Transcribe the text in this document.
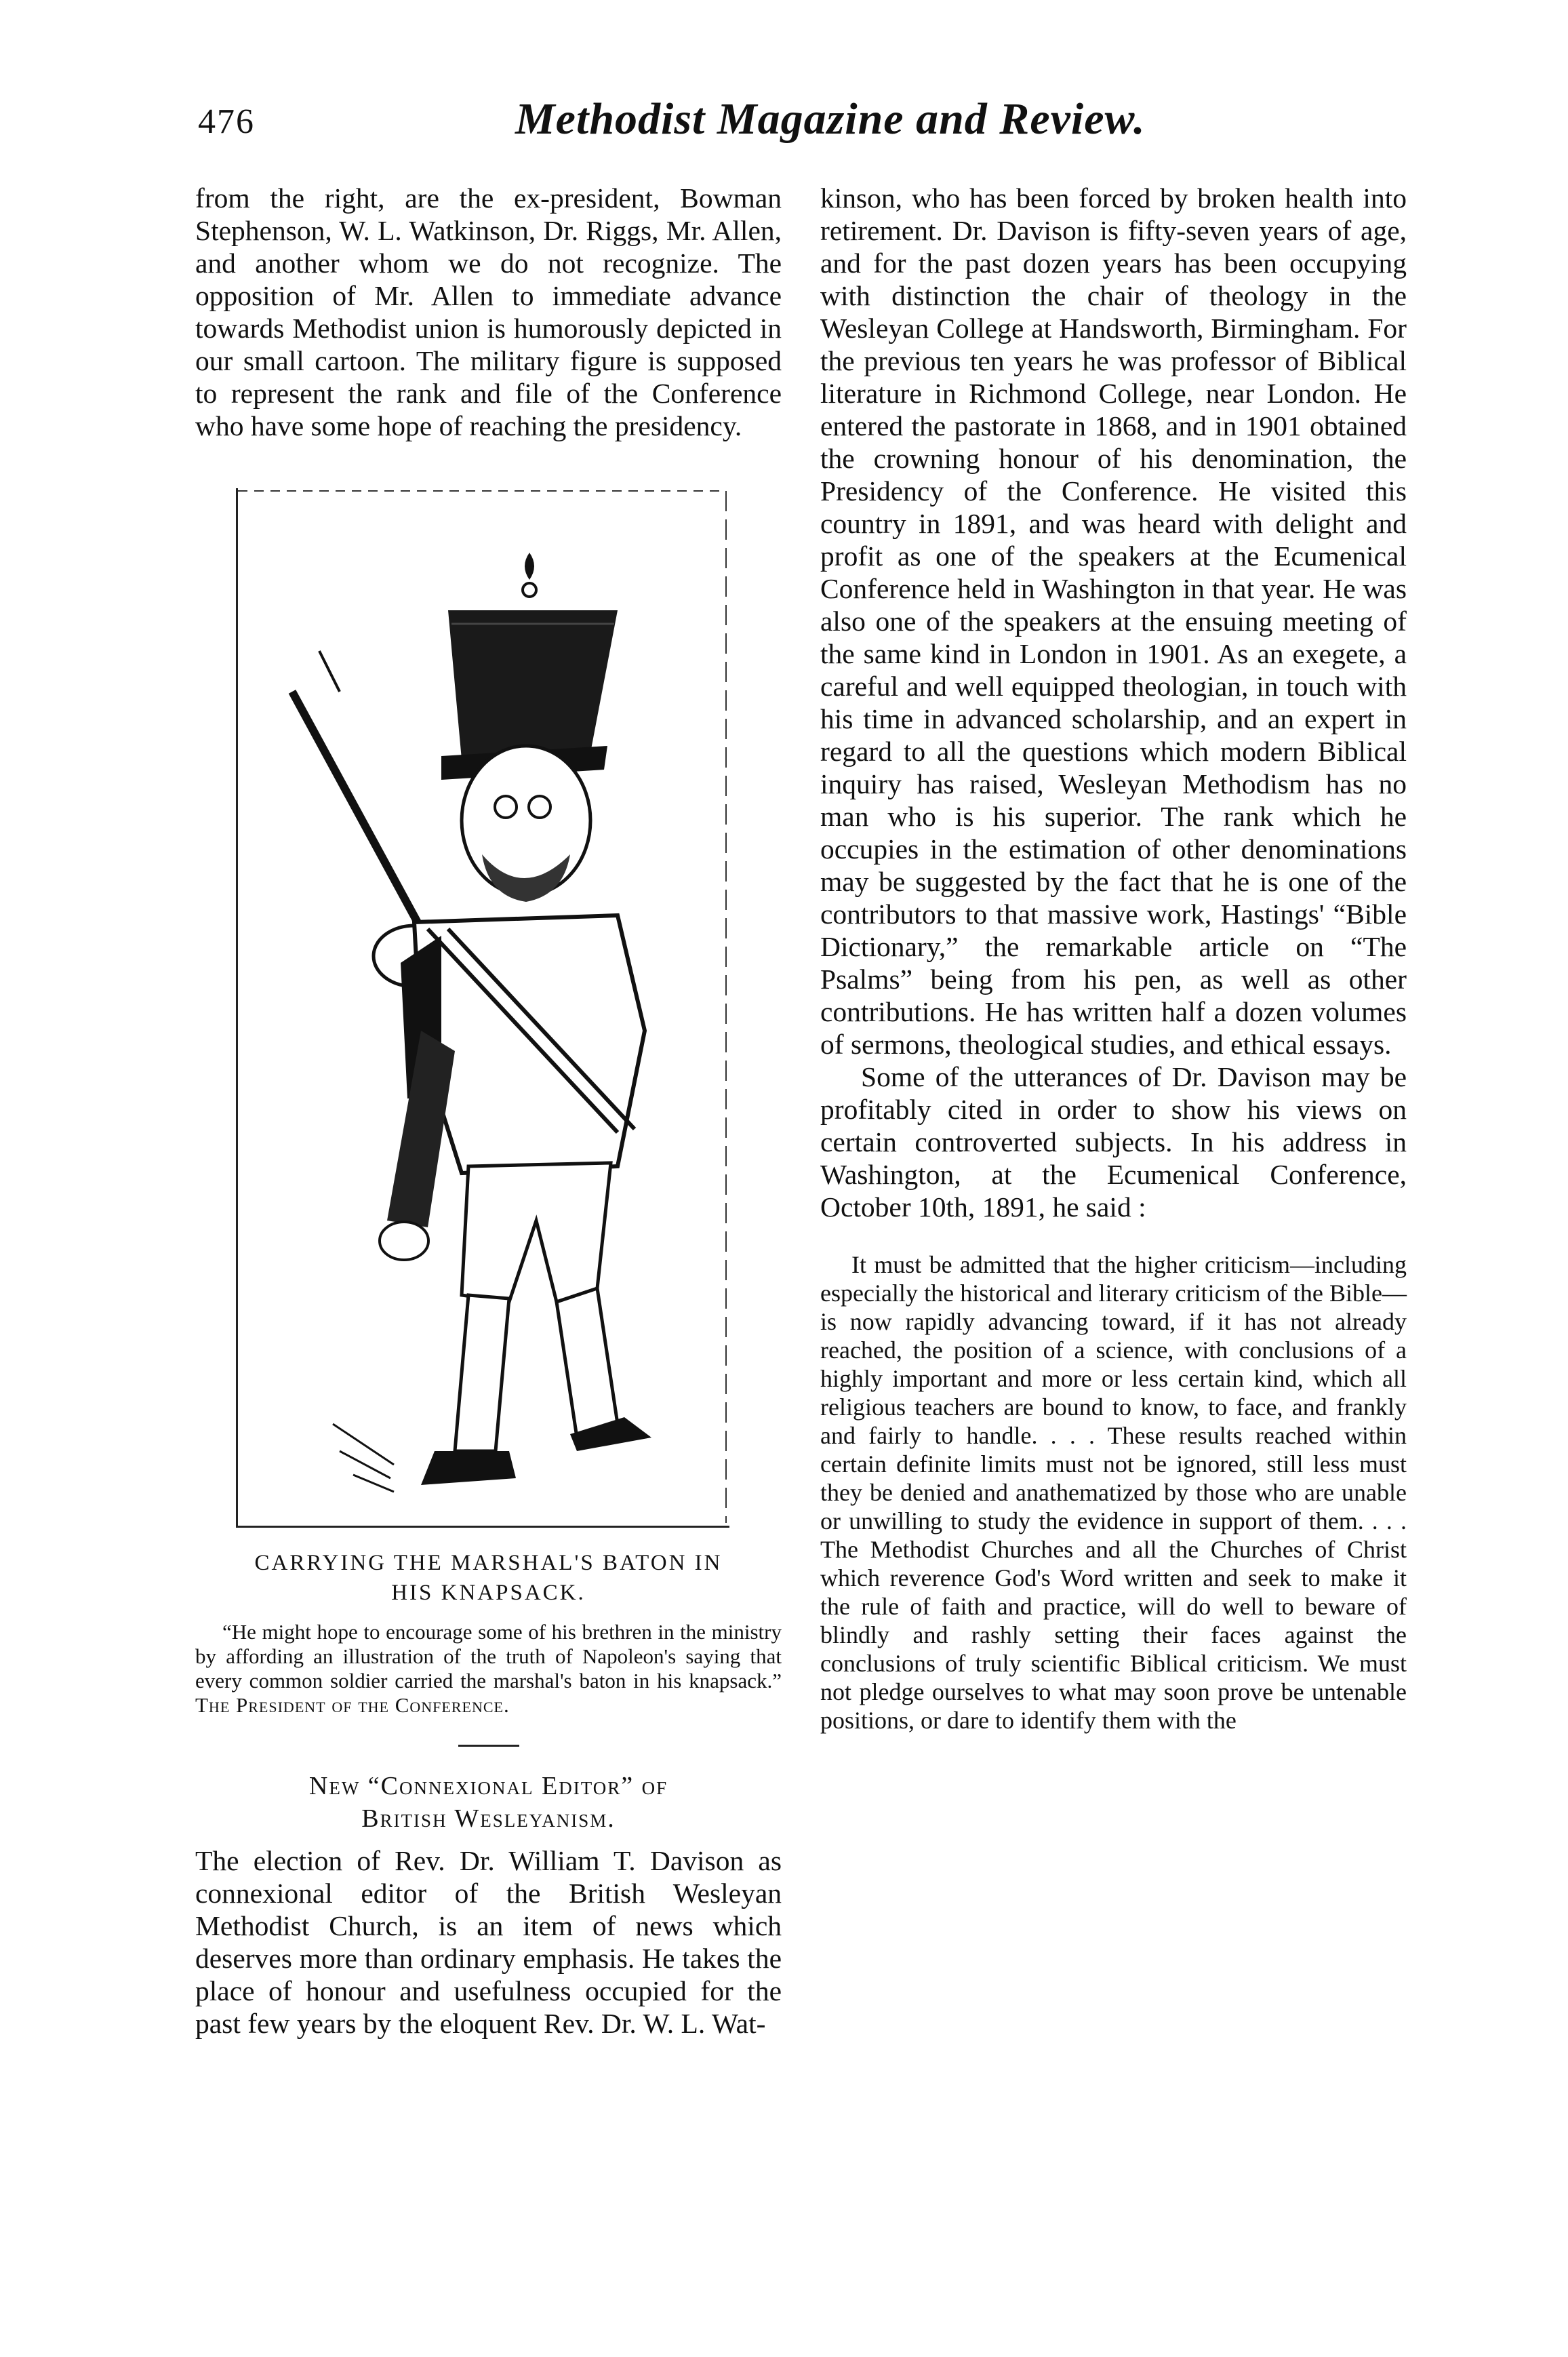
476	Methodist Magazine and Review.

from the right, are the ex-president, Bowman Stephenson, W. L. Watkinson, Dr. Riggs, Mr. Allen, and another whom we do not recognize. The opposition of Mr. Allen to immediate advance towards Methodist union is humorously depicted in our small cartoon. The military figure is supposed to represent the rank and file of the Conference who have some hope of reaching the presidency.

CARRYING THE MARSHAL'S BATON IN
HIS KNAPSACK.

“He might hope to encourage some of his brethren in the ministry by affording an illustration of the truth of Napoleon's saying that every common soldier carried the marshal's baton in his knapsack.” The President of the Conference.

New “Connexional Editor” of
British Wesleyanism.

The election of Rev. Dr. William T. Davison as connexional editor of the British Wesleyan Methodist Church, is an item of news which deserves more than ordinary emphasis. He takes the place of honour and usefulness occupied for the past few years by the eloquent Rev. Dr. W. L. Wat-

kinson, who has been forced by broken health into retirement. Dr. Davison is fifty-seven years of age, and for the past dozen years has been occupying with distinction the chair of theology in the Wesleyan College at Handsworth, Birmingham. For the previous ten years he was professor of Biblical literature in Richmond College, near London. He entered the pastorate in 1868, and in 1901 obtained the crowning honour of his denomination, the Presidency of the Conference. He visited this country in 1891, and was heard with delight and profit as one of the speakers at the Ecumenical Conference held in Washington in that year. He was also one of the speakers at the ensuing meeting of the same kind in London in 1901. As an exegete, a careful and well equipped theologian, in touch with his time in advanced scholarship, and an expert in regard to all the questions which modern Biblical inquiry has raised, Wesleyan Methodism has no man who is his superior. The rank which he occupies in the estimation of other denominations may be suggested by the fact that he is one of the contributors to that massive work, Hastings' “Bible Dictionary,” the remarkable article on “The Psalms” being from his pen, as well as other contributions. He has written half a dozen volumes of sermons, theological studies, and ethical essays.

Some of the utterances of Dr. Davison may be profitably cited in order to show his views on certain controverted subjects. In his address in Washington, at the Ecumenical Conference, October 10th, 1891, he said :

It must be admitted that the higher criticism—including especially the historical and literary criticism of the Bible—is now rapidly advancing toward, if it has not already reached, the position of a science, with conclusions of a highly important and more or less certain kind, which all religious teachers are bound to know, to face, and frankly and fairly to handle. . . . These results reached within certain definite limits must not be ignored, still less must they be denied and anathematized by those who are unable or unwilling to study the evidence in support of them. . . . The Methodist Churches and all the Churches of Christ which reverence God's Word written and seek to make it the rule of faith and practice, will do well to beware of blindly and rashly setting their faces against the conclusions of truly scientific Biblical criticism. We must not pledge ourselves to what may soon prove be untenable positions, or dare to identify them with the
